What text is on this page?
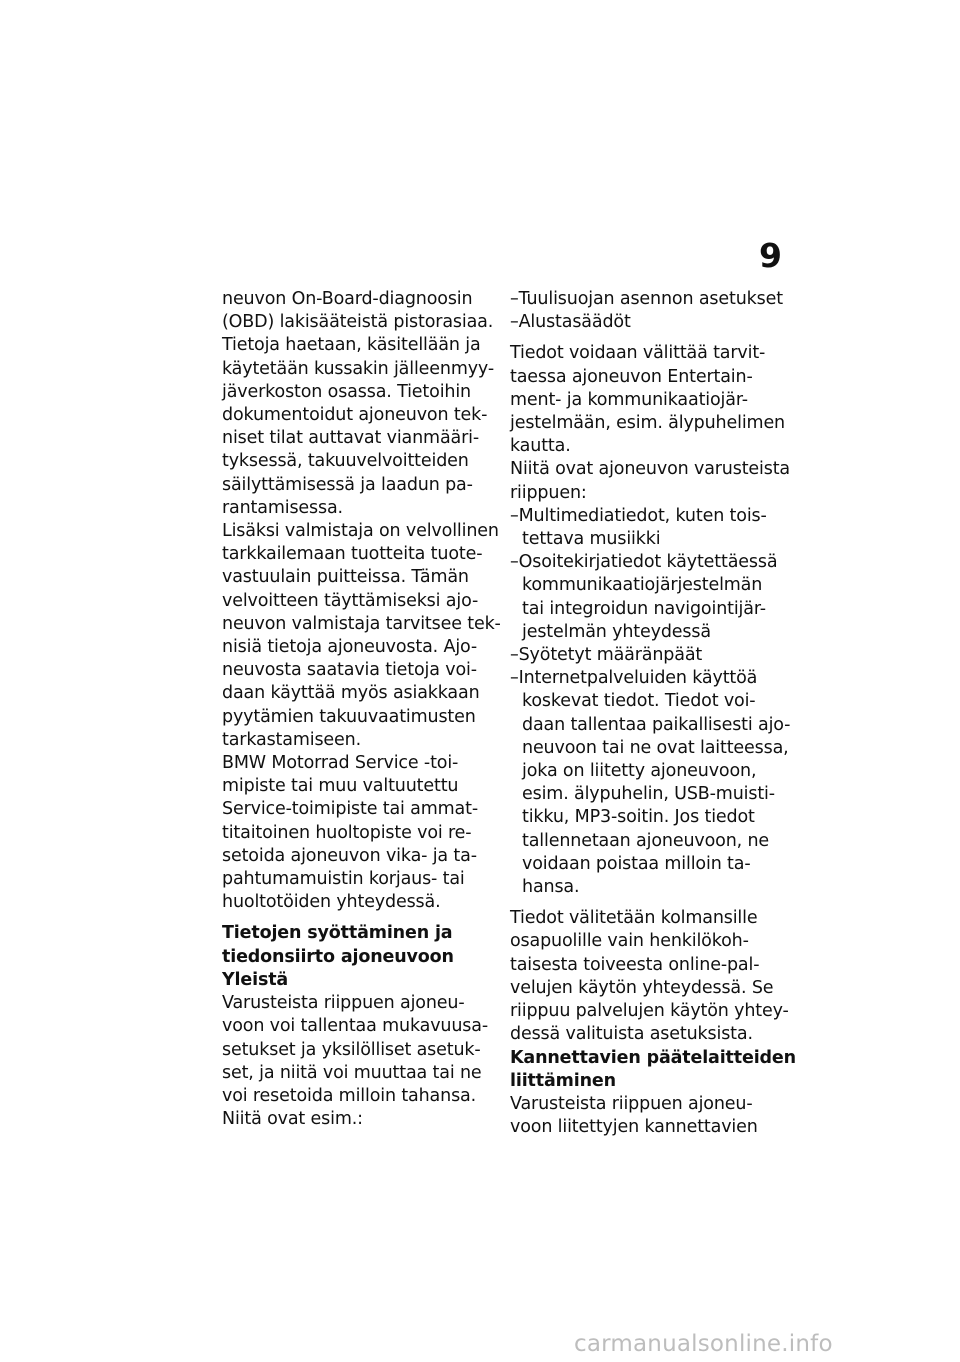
9
neuvon On-Board-diagnoosin
(OBD) lakisääteistä pistorasiaa.
Tietoja haetaan, käsitellään ja
käytetään kussakin jälleenmyy-
jäverkoston osassa. Tietoihin
dokumentoidut ajoneuvon tek-
niset tilat auttavat vianmääri-
tyksessä, takuuvelvoitteiden
säilyttämisessä ja laadun pa-
rantamisessa.
Lisäksi valmistaja on velvollinen
tarkkailemaan tuotteita tuote-
vastuulain puitteissa. Tämän
velvoitteen täyttämiseksi ajo-
neuvon valmistaja tarvitsee tek-
nisiä tietoja ajoneuvosta. Ajo-
neuvosta saatavia tietoja voi-
daan käyttää myös asiakkaan
pyytämien takuuvaatimusten
tarkastamiseen.
BMW Motorrad Service -toi-
mipiste tai muu valtuutettu
Service-toimipiste tai ammat-
titaitoinen huoltopiste voi re-
setoida ajoneuvon vika- ja ta-
pahtumamuistin korjaus- tai
huoltotöiden yhteydessä.
Tietojen syöttäminen ja
tiedonsiirto ajoneuvoon
Yleistä
Varusteista riippuen ajoneu-
voon voi tallentaa mukavuusa-
setukset ja yksilölliset asetuk-
set, ja niitä voi muuttaa tai ne
voi resetoida milloin tahansa.
Niitä ovat esim.:
–Tuulisuojan asennon asetukset
–Alustasäädöt
Tiedot voidaan välittää tarvit-
taessa ajoneuvon Entertain-
ment- ja kommunikaatiojär-
jestelmään, esim. älypuhelimen
kautta.
Niitä ovat ajoneuvon varusteista
riippuen:
–Multimediatiedot, kuten tois-
tettava musiikki
–Osoitekirjatiedot käytettäessä
kommunikaatiojärjestelmän
tai integroidun navigointijär-
jestelmän yhteydessä
–Syötetyt määränpäät
–Internetpalveluiden käyttöä
koskevat tiedot. Tiedot voi-
daan tallentaa paikallisesti ajo-
neuvoon tai ne ovat laitteessa,
joka on liitetty ajoneuvoon,
esim. älypuhelin, USB-muisti-
tikku, MP3-soitin. Jos tiedot
tallennetaan ajoneuvoon, ne
voidaan poistaa milloin ta-
hansa.
Tiedot välitetään kolmansille
osapuolille vain henkilökoh-
taisesta toiveesta online-pal-
velujen käytön yhteydessä. Se
riippuu palvelujen käytön yhtey-
dessä valituista asetuksista.
Kannettavien päätelaitteiden
liittäminen
Varusteista riippuen ajoneu-
voon liitettyjen kannettavien
carmanualsonline.info
